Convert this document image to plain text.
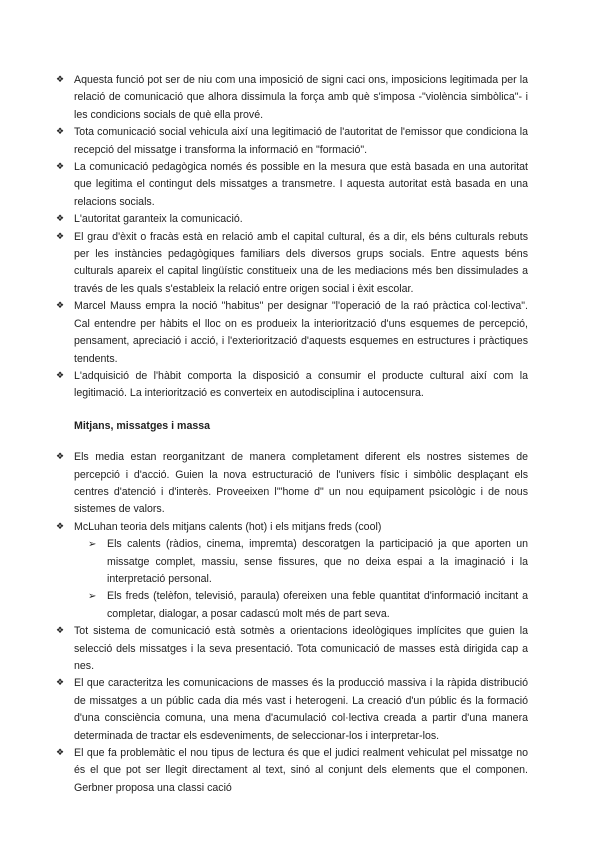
❖ Aquesta funció pot ser de niu com una imposició de signi caci ons, imposicions legitimada per la relació de comunicació que alhora dissimula la força amb què s'imposa -"violència simbòlica"- i les condicions socials de què ella prové.
❖ Tota comunicació social vehicula així una legitimació de l'autoritat de l'emissor que condiciona la recepció del missatge i transforma la informació en "formació".
❖ La comunicació pedagògica només és possible en la mesura que està basada en una autoritat que legitima el contingut dels missatges a transmetre. I aquesta autoritat està basada en una relacions socials.
❖ L'autoritat garanteix la comunicació.
❖ El grau d'èxit o fracàs està en relació amb el capital cultural, és a dir, els béns culturals rebuts per les instàncies pedagògiques familiars dels diversos grups socials. Entre aquests béns culturals apareix el capital lingüístic constitueix una de les mediacions més ben dissimulades a través de les quals s'estableix la relació entre origen social i èxit escolar.
❖ Marcel Mauss empra la noció "habitus" per designar "l'operació de la raó pràctica col·lectiva". Cal entendre per hàbits el lloc on es produeix la interiorització d'uns esquemes de percepció, pensament, apreciació i acció, i l'exteriorització d'aquests esquemes en estructures i pràctiques tendents.
❖ L'adquisició de l'hàbit comporta la disposició a consumir el producte cultural així com la legitimació. La interiorització es converteix en autodisciplina i autocensura.
Mitjans, missatges i massa
❖ Els media estan reorganitzant de manera completament diferent els nostres sistemes de percepció i d'acció. Guien la nova estructuració de l'univers físic i simbòlic desplaçant els centres d'atenció i d'interès. Proveeixen l'"home d" un nou equipament psicològic i de nous sistemes de valors.
❖ McLuhan teoria dels mitjans calents (hot) i els mitjans freds (cool)
➢ Els calents (ràdios, cinema, impremta) descoratgen la participació ja que aporten un missatge complet, massiu, sense fissures, que no deixa espai a la imaginació i la interpretació personal.
➢ Els freds (telèfon, televisió, paraula) ofereixen una feble quantitat d'informació incitant a completar, dialogar, a posar cadascú molt més de part seva.
❖ Tot sistema de comunicació està sotmès a orientacions ideològiques implícites que guien la selecció dels missatges i la seva presentació. Tota comunicació de masses està dirigida cap a nes.
❖ El que caracteritza les comunicacions de masses és la producció massiva i la ràpida distribució de missatges a un públic cada dia més vast i heterogeni. La creació d'un públic és la formació d'una consciència comuna, una mena d'acumulació col·lectiva creada a partir d'una manera determinada de tractar els esdeveniments, de seleccionar-los i interpretar-los.
❖ El que fa problemàtic el nou tipus de lectura és que el judici realment vehiculat pel missatge no és el que pot ser llegit directament al text, sinó al conjunt dels elements que el componen. Gerbner proposa una classi cació
